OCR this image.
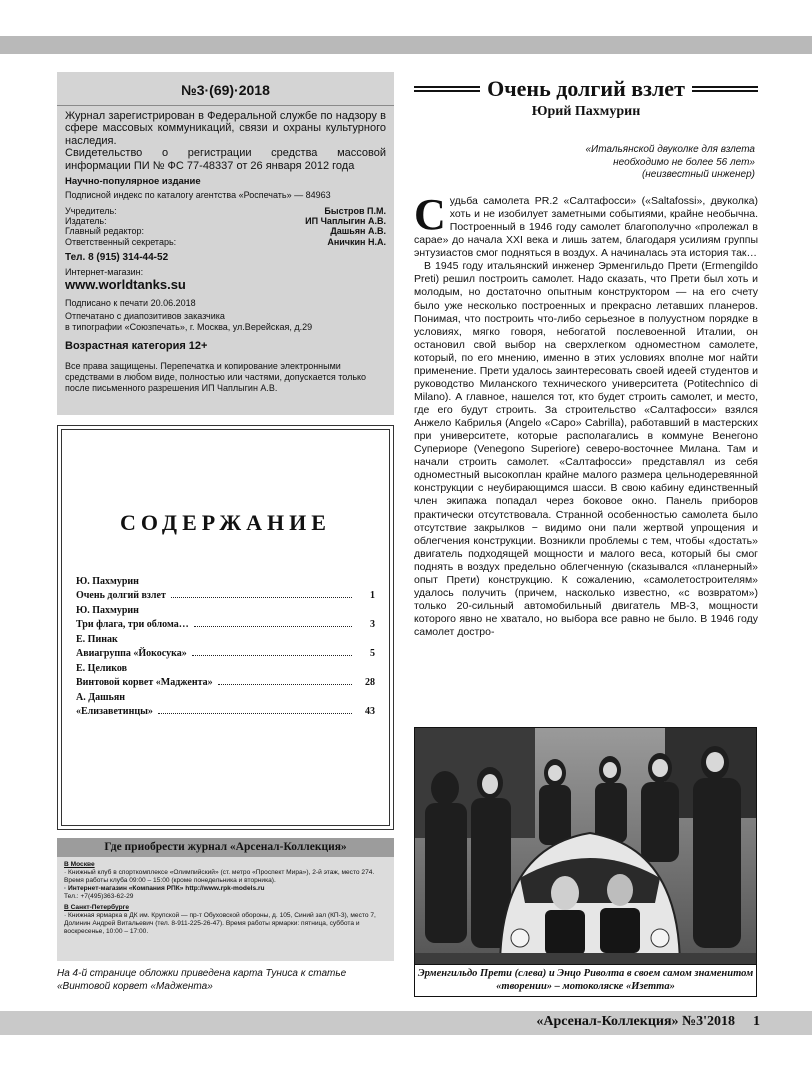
№3·(69)·2018
Журнал зарегистрирован в Федеральной службе по надзору в сфере массовых коммуникаций, связи и охраны культурного наследия.
Свидетельство о регистрации средства массовой информации ПИ № ФС 77-48337 от 26 января 2012 года
Научно-популярное издание
Подписной индекс по каталогу агентства «Роспечать» — 84963
Учредитель:	Быстров П.М.
Издатель:	ИП Чаплыгин А.В.
Главный редактор:	Дашьян А.В.
Ответственный секретарь:	Аничкин Н.А.
Тел. 8 (915) 314-44-52
Интернет-магазин:
www.worldtanks.su
Подписано к печати 20.06.2018
Отпечатано с диапозитивов заказчика
в типографии «Союзпечать», г. Москва, ул.Верейская, д.29
Возрастная категория 12+
Все права защищены. Перепечатка и копирование электронными средствами в любом виде, полностью или частями, допускается только после письменного разрешения ИП Чаплыгин А.В.
СОДЕРЖАНИЕ
Ю. Пахмурин
Очень долгий взлет	1
Ю. Пахмурин
Три флага, три облома…	3
Е. Пинак
Авиагруппа «Йокосука»	5
Е. Целиков
Винтовой корвет «Маджента»	28
А. Дашьян
«Елизаветинцы»	43
Где приобрести журнал «Арсенал-Коллекция»
В Москве
· Книжный клуб в спорткомплексе «Олимпийский» (ст. метро «Проспект Мира»), 2-й этаж, место 274. Время работы клуба 09:00 – 15:00 (кроме понедельника и вторника).
· Интернет-магазин «Компания РПК» http://www.rpk-models.ru
Тел.: +7(495)363-62-29
В Санкт-Петербурге
· Книжная ярмарка в ДК им. Крупской — пр-т Обуховской обороны, д. 105, Синий зал (КП-3), место 7, Долинин Андрей Витальевич (тел. 8-911-225-26-47). Время работы ярмарки: пятница, суббота и воскресенье, 10:00 – 17:00.
На 4-й странице обложки приведена карта Туниса к статье «Винтовой корвет «Маджента»
Очень долгий взлет
Юрий Пахмурин
«Итальянской двуколке для взлета
необходимо не более 56 лет»
(неизвестный инженер)

Судьба самолета PR.2 «Салтафосси» («Saltafossi», двуколка) хоть и не изобилует заметными событиями, крайне необычна. Построенный в 1946 году самолет благополучно «пролежал в сарае» до начала XXI века и лишь затем, благодаря усилиям группы энтузиастов смог подняться в воздух. А начиналась эта история так…

В 1945 году итальянский инженер Эрменгильдо Прети (Ermengildo Preti) решил построить самолет. Надо сказать, что Прети был хоть и молодым, но достаточно опытным конструктором — на его счету было уже несколько построенных и прекрасно летавших планеров. Понимая, что построить что-либо серьезное в полуустном порядке в условиях, мягко говоря, небогатой послевоенной Италии, он остановил свой выбор на сверхлегком одноместном самолете, который, по его мнению, именно в этих условиях вполне мог найти применение. Прети удалось заинтересовать своей идеей студентов и руководство Миланского технического университета (Potitechnico di Milano). А главное, нашелся тот, кто будет строить самолет, и место, где его будут строить. За строительство «Салтафосси» взялся Анжело Кабрилья (Angelo «Capo» Cabrilla), работавший в мастерских при университете, которые располагались в коммуне Венегоно Супериоре (Venegono Superiore) северо-восточнее Милана. Там и начали строить самолет. «Салтафосси» представлял из себя одноместный высокоплан крайне малого размера цельнодеревянной конструкции с неубирающимся шасси. В свою кабину единственный член экипажа попадал через боковое окно. Панель приборов практически отсутствовала. Странной особенностью самолета было отсутствие закрылков − видимо они пали жертвой упрощения и облегчения конструкции. Возникли проблемы с тем, чтобы «достать» двигатель подходящей мощности и малого веса, который бы смог поднять в воздух предельно облегченную (сказывался «планерный» опыт Прети) конструкцию. К сожалению, «самолетостроителям» удалось получить (причем, насколько известно, «с возвратом») только 20-сильный автомобильный двигатель MB-3, мощности которого явно не хватало, но выбора все равно не было. В 1946 году самолет достро-

Эрменгильдо Прети (слева) и Энцо Риволта в своем самом знаменитом «творении» – мотоколяске «Изетта»
«Арсенал-Коллекция» №3'2018 1
